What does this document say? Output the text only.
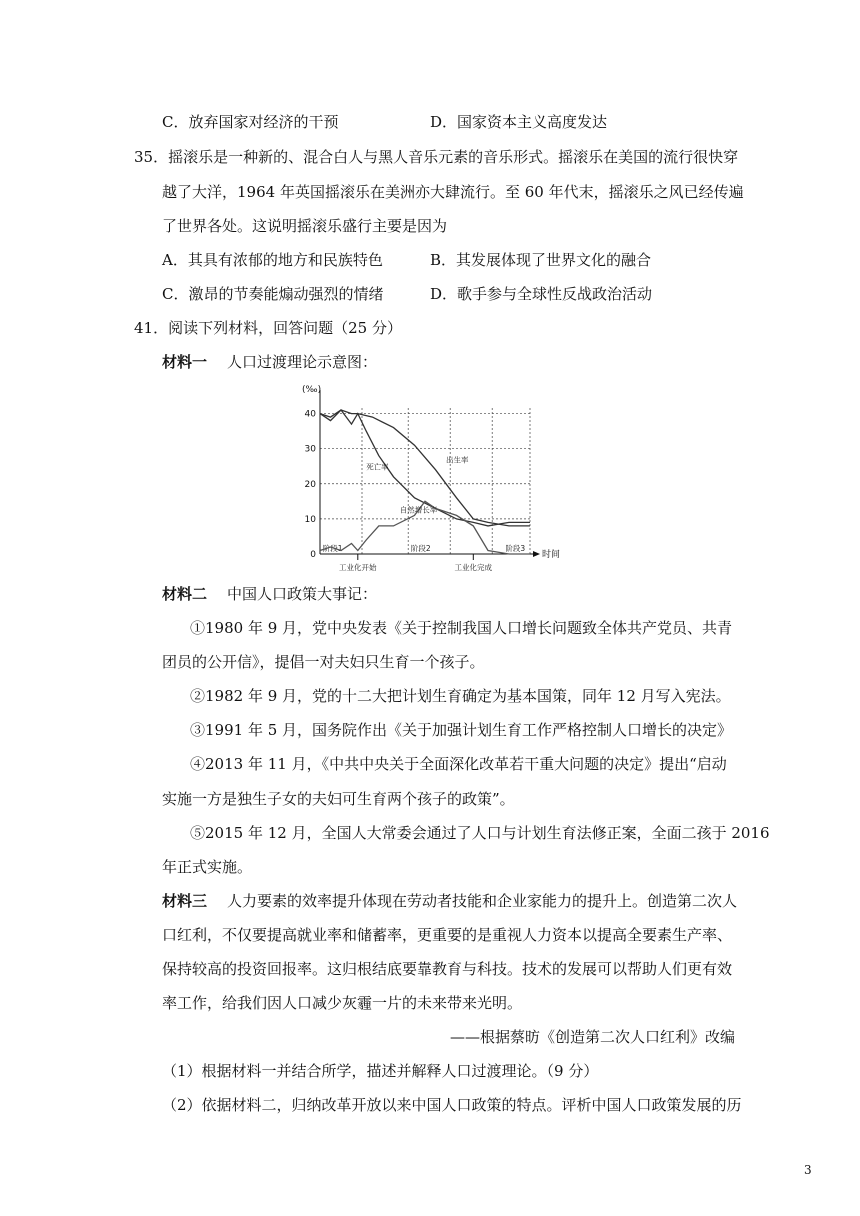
C．放弃国家对经济的干预	D．国家资本主义高度发达
35．摇滚乐是一种新的、混合白人与黑人音乐元素的音乐形式。摇滚乐在美国的流行很快穿
越了大洋，1964 年英国摇滚乐在美洲亦大肆流行。至 60 年代末，摇滚乐之风已经传遍
了世界各处。这说明摇滚乐盛行主要是因为
A．其具有浓郁的地方和民族特色	B．其发展体现了世界文化的融合
C．激昂的节奏能煽动强烈的情绪	D．歌手参与全球性反战政治活动
41．阅读下列材料，回答问题（25 分）
材料一 人口过渡理论示意图：
0
10
20
30
40
(‰)
时间
工业化开始	工业化完成
阶段1	阶段2	阶段3
出生率
死亡率
自然增长率
材料二 中国人口政策大事记：
①1980 年 9 月，党中央发表《关于控制我国人口增长问题致全体共产党员、共青
团员的公开信》，提倡一对夫妇只生育一个孩子。
②1982 年 9 月，党的十二大把计划生育确定为基本国策，同年 12 月写入宪法。
③1991 年 5 月，国务院作出《关于加强计划生育工作严格控制人口增长的决定》
④2013 年 11 月，《中共中央关于全面深化改革若干重大问题的决定》提出“启动
实施一方是独生子女的夫妇可生育两个孩子的政策”。
⑤2015 年 12 月，全国人大常委会通过了人口与计划生育法修正案，全面二孩于 2016
年正式实施。
材料三 人力要素的效率提升体现在劳动者技能和企业家能力的提升上。创造第二次人
口红利，不仅要提高就业率和储蓄率，更重要的是重视人力资本以提高全要素生产率、
保持较高的投资回报率。这归根结底要靠教育与科技。技术的发展可以帮助人们更有效
率工作，给我们因人口减少灰霾一片的未来带来光明。
——根据蔡昉《创造第二次人口红利》改编
（1）根据材料一并结合所学，描述并解释人口过渡理论。（9 分）
（2）依据材料二，归纳改革开放以来中国人口政策的特点。评析中国人口政策发展的历
3
